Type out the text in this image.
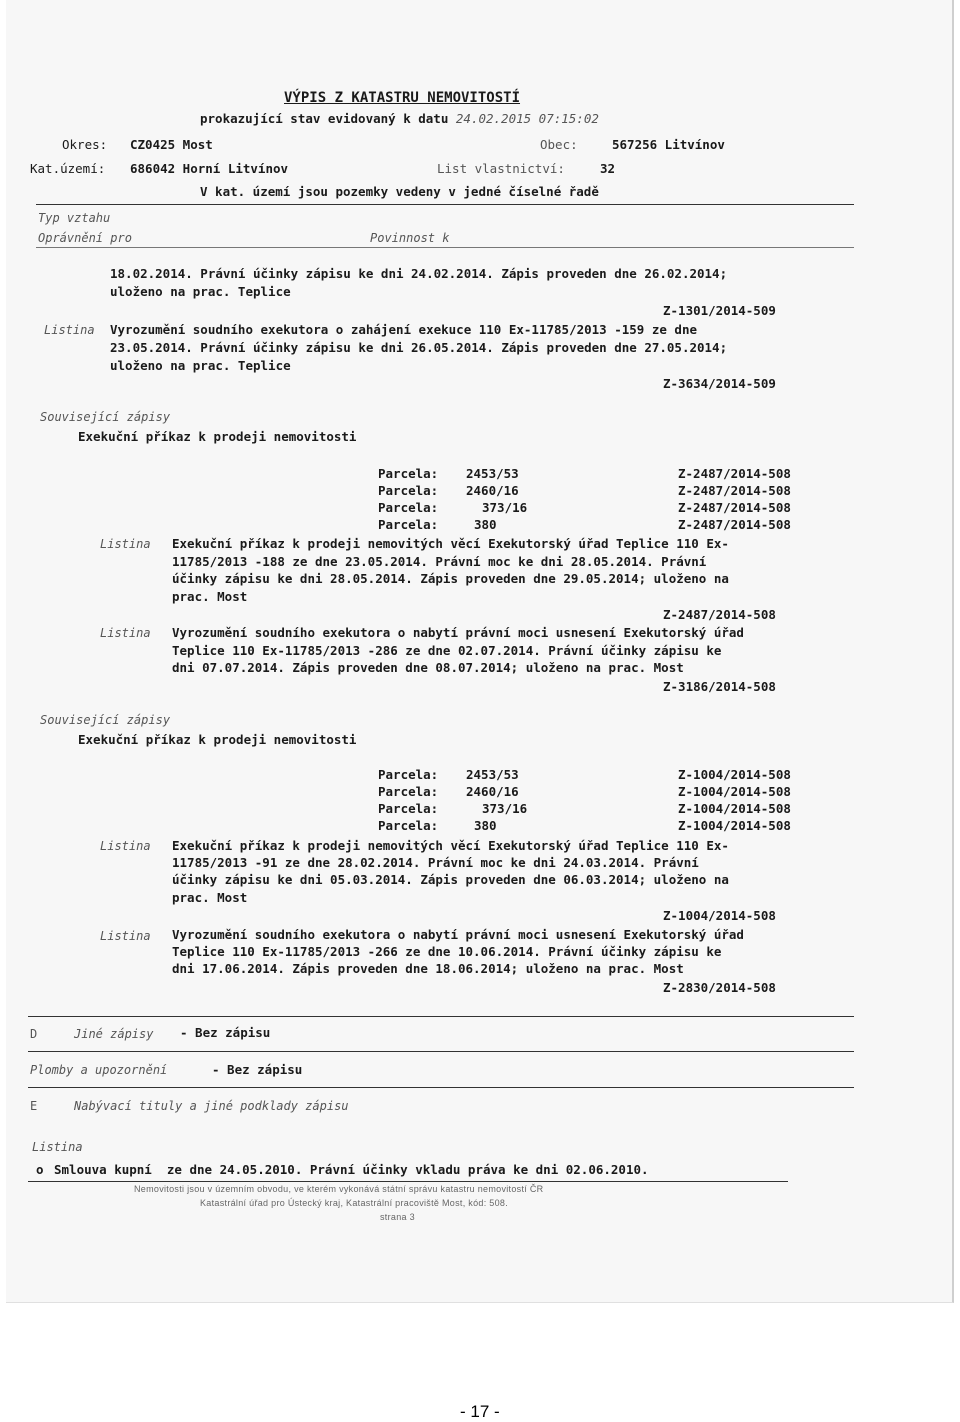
VÝPIS Z KATASTRU NEMOVITOSTÍ
prokazující stav evidovaný k datu 24.02.2015 07:15:02
Okres: CZ0425 Most	Obec:	567256 Litvínov
Kat.území: 686042 Horní Litvínov	List vlastnictví:	32
V kat. území jsou pozemky vedeny v jedné číselné řadě
Typ vztahu
Oprávnění pro	Povinnost k
18.02.2014. Právní účinky zápisu ke dni 24.02.2014. Zápis proveden dne 26.02.2014;
uloženo na prac. Teplice
Z-1301/2014-509
Listina Vyrozumění soudního exekutora o zahájení exekuce 110 Ex-11785/2013 -159 ze dne
23.05.2014. Právní účinky zápisu ke dni 26.05.2014. Zápis proveden dne 27.05.2014;
uloženo na prac. Teplice
Z-3634/2014-509
Související zápisy
Exekuční příkaz k prodeji nemovitosti
Parcela: 2453/53	Z-2487/2014-508
Parcela: 2460/16	Z-2487/2014-508
Parcela:	373/16	Z-2487/2014-508
Parcela:	380	Z-2487/2014-508
Listina Exekuční příkaz k prodeji nemovitých věcí Exekutorský úřad Teplice 110 Ex-
11785/2013 -188 ze dne 23.05.2014. Právní moc ke dni 28.05.2014. Právní
účinky zápisu ke dni 28.05.2014. Zápis proveden dne 29.05.2014; uloženo na
prac. Most
Z-2487/2014-508
Listina Vyrozumění soudního exekutora o nabytí právní moci usnesení Exekutorský úřad
Teplice 110 Ex-11785/2013 -286 ze dne 02.07.2014. Právní účinky zápisu ke
dni 07.07.2014. Zápis proveden dne 08.07.2014; uloženo na prac. Most
Z-3186/2014-508
Související zápisy
Exekuční příkaz k prodeji nemovitosti
Parcela: 2453/53	Z-1004/2014-508
Parcela: 2460/16	Z-1004/2014-508
Parcela:	373/16	Z-1004/2014-508
Parcela:	380	Z-1004/2014-508
Listina Exekuční příkaz k prodeji nemovitých věcí Exekutorský úřad Teplice 110 Ex-
11785/2013 -91 ze dne 28.02.2014. Právní moc ke dni 24.03.2014. Právní
účinky zápisu ke dni 05.03.2014. Zápis proveden dne 06.03.2014; uloženo na
prac. Most
Z-1004/2014-508
Listina Vyrozumění soudního exekutora o nabytí právní moci usnesení Exekutorský úřad
Teplice 110 Ex-11785/2013 -266 ze dne 10.06.2014. Právní účinky zápisu ke
dni 17.06.2014. Zápis proveden dne 18.06.2014; uloženo na prac. Most
Z-2830/2014-508
D	Jiné zápisy - Bez zápisu
Plomby a upozornění	- Bez zápisu
E	Nabývací tituly a jiné podklady zápisu
Listina
o Smlouva kupní  ze dne 24.05.2010. Právní účinky vkladu práva ke dni 02.06.2010.
Nemovitosti jsou v územním obvodu, ve kterém vykonává státní správu katastru nemovitostí ČR
Katastrální úřad pro Ústecký kraj, Katastrální pracoviště Most, kód: 508.
strana 3
- 17 -
